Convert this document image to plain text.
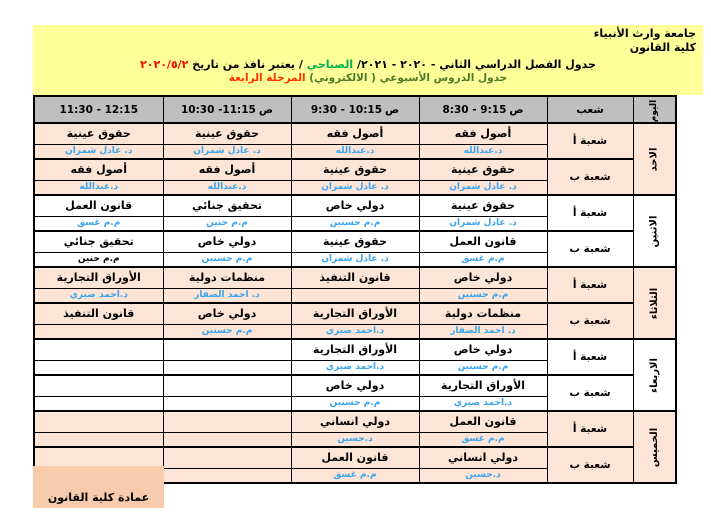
جامعة وارث الأنبياء
كلية القانون
جدول الفصل الدراسي الثاني - ٢٠٢٠ - ٢٠٢١/ الصباحي / يعتبر نافذ من تاريخ ٢٠٢٠/٥/٢
جدول الدروس الأسبوعي ( الالكتروني) المرحلة الرابعة
اليوم	شعب	ص8:30 - 9:15	ص9:30 - 10:15	ص10:30 -11:15	11:30 - 12:15
الاحد	شعبة أ	أصول فقه	أصول فقه	حقوق عينية	حقوق عينية
		د.عبدالله	د.عبدالله	د. عادل شمران	د. عادل شمران
	شعبة ب	حقوق عينية	حقوق عينية	أصول فقه	أصول فقه
		د. عادل شمران	د. عادل شمران	د.عبدالله	د.عبدالله
الاثنين	شعبة أ	حقوق عينية	دولي خاص	تحقيق جنائي	قانون العمل
		د. عادل شمران	م.م حسنين	م.م حنين	م.م غسق
	شعبة ب	قانون العمل	حقوق عينية	دولي خاص	تحقيق جنائي
		م.م غسق	د. عادل شمران	م.م حسنين	م.م حنين
الثلاثاء	شعبة أ	دولي خاص	قانون التنفيذ	منظمات دولية	الأوراق التجارية
		م.م حسنين		د. احمد الصفار	د.احمد صبري
	شعبة ب	منظمات دولية	الأوراق التجارية	دولي خاص	قانون التنفيذ
		د. احمد الصفار	د.احمد صبري	م.م حسنين	
الاربعاء	شعبة أ	دولي خاص	الأوراق التجارية		
		م.م حسنين	د.احمد صبري		
	شعبة ب	الأوراق التجارية	دولي خاص		
		د.احمد صبري	م.م حسنين		
الخميس	شعبة أ	قانون العمل	دولي انساني		
		م.م غسق	د.حسين		
	شعبة ب	دولي انساني	قانون العمل		
		د.حسين	م.م غسق		
عمادة كلية القانون
